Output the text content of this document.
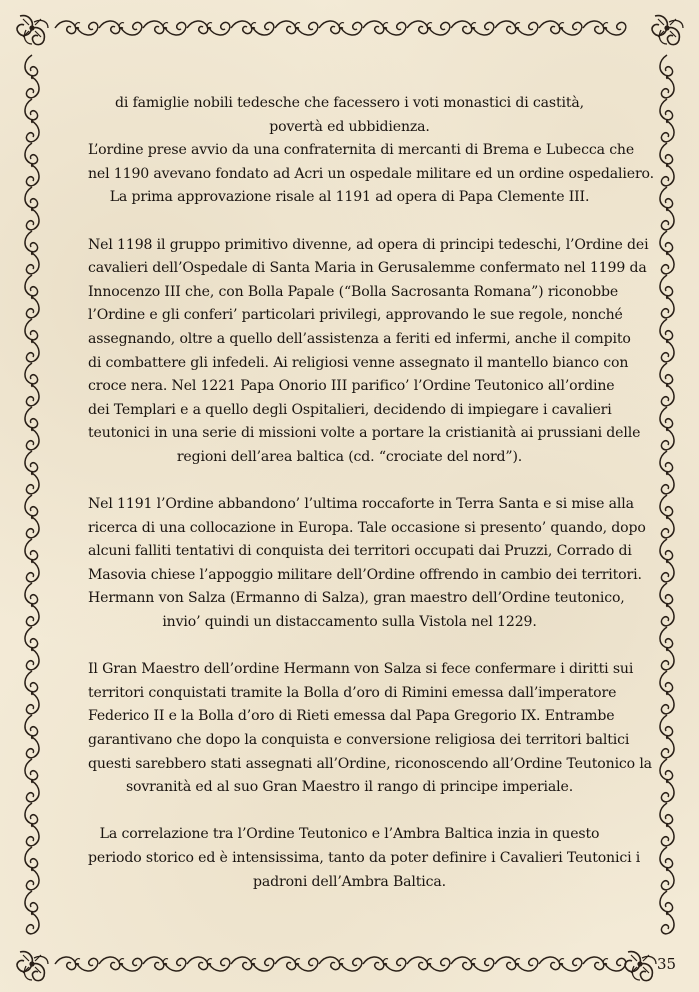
di famiglie nobili tedesche che facessero i voti monastici di castità,
povertà ed ubbidienza.
L’ordine prese avvio da una confraternita di mercanti di Brema e Lubecca che
nel 1190 avevano fondato ad Acri un ospedale militare ed un ordine ospedaliero.
La prima approvazione risale al 1191 ad opera di Papa Clemente III.

Nel 1198 il gruppo primitivo divenne, ad opera di principi tedeschi, l’Ordine dei
cavalieri dell’Ospedale di Santa Maria in Gerusalemme confermato nel 1199 da
Innocenzo III che, con Bolla Papale (“Bolla Sacrosanta Romana”) riconobbe
l’Ordine e gli conferi’ particolari privilegi, approvando le sue regole, nonché
assegnando, oltre a quello dell’assistenza a feriti ed infermi, anche il compito
di combattere gli infedeli. Ai religiosi venne assegnato il mantello bianco con
croce nera. Nel 1221 Papa Onorio III parifico’ l’Ordine Teutonico all’ordine
dei Templari e a quello degli Ospitalieri, decidendo di impiegare i cavalieri
teutonici in una serie di missioni volte a portare la cristianità ai prussiani delle
regioni dell’area baltica (cd. “crociate del nord”).

Nel 1191 l’Ordine abbandono’ l’ultima roccaforte in Terra Santa e si mise alla
ricerca di una collocazione in Europa. Tale occasione si presento’ quando, dopo
alcuni falliti tentativi di conquista dei territori occupati dai Pruzzi, Corrado di
Masovia chiese l’appoggio militare dell’Ordine offrendo in cambio dei territori.
Hermann von Salza (Ermanno di Salza), gran maestro dell’Ordine teutonico,
invio’ quindi un distaccamento sulla Vistola nel 1229.

Il Gran Maestro dell’ordine Hermann von Salza si fece confermare i diritti sui
territori conquistati tramite la Bolla d’oro di Rimini emessa dall’imperatore
Federico II e la Bolla d’oro di Rieti emessa dal Papa Gregorio IX. Entrambe
garantivano che dopo la conquista e conversione religiosa dei territori baltici
questi sarebbero stati assegnati all’Ordine, riconoscendo all’Ordine Teutonico la
sovranità ed al suo Gran Maestro il rango di principe imperiale.

La correlazione tra l’Ordine Teutonico e l’Ambra Baltica inzia in questo
periodo storico ed è intensissima, tanto da poter definire i Cavalieri Teutonici i
padroni dell’Ambra Baltica.

35
